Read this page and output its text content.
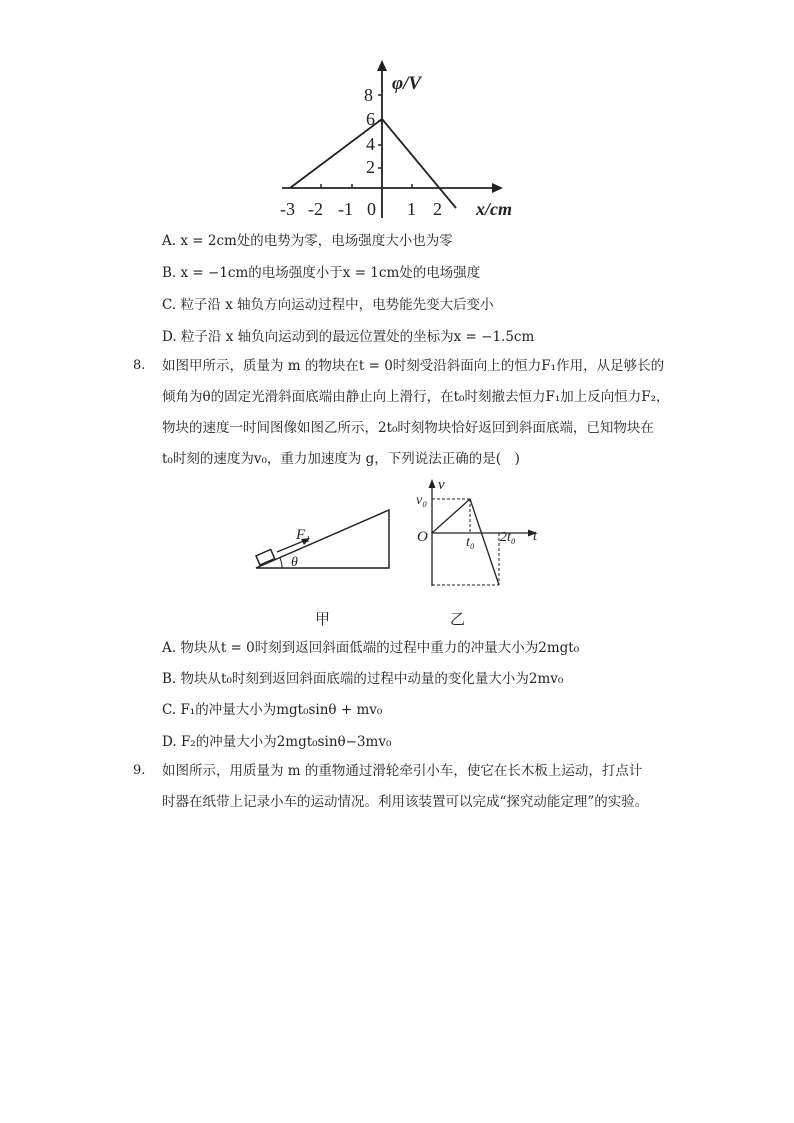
φ/V
8
6
4
2
-3 -2 -1 0 1 2 x/cm
A. x = 2cm处的电势为零，电场强度大小也为零
B. x = −1cm的电场强度小于x = 1cm处的电场强度
C. 粒子沿 x 轴负方向运动过程中，电势能先变大后变小
D. 粒子沿 x 轴负向运动到的最远位置处的坐标为x = −1.5cm
8. 如图甲所示，质量为 m 的物块在t = 0时刻受沿斜面向上的恒力F₁作用，从足够长的
倾角为θ的固定光滑斜面底端由静止向上滑行，在t₀时刻撤去恒力F₁加上反向恒力F₂，
物块的速度一时间图像如图乙所示，2t₀时刻物块恰好返回到斜面底端，已知物块在
t₀时刻的速度为v₀，重力加速度为 g，下列说法正确的是(　)
F₁
θ
甲
v
v₀
O	t₀ 2t₀ t
乙
A. 物块从t = 0时刻到返回斜面低端的过程中重力的冲量大小为2mgt₀
B. 物块从t₀时刻到返回斜面底端的过程中动量的变化量大小为2mv₀
C. F₁的冲量大小为mgt₀sinθ + mv₀
D. F₂的冲量大小为2mgt₀sinθ−3mv₀
9. 如图所示，用质量为 m 的重物通过滑轮牵引小车，使它在长木板上运动，打点计
时器在纸带上记录小车的运动情况。利用该装置可以完成“探究动能定理”的实验。
